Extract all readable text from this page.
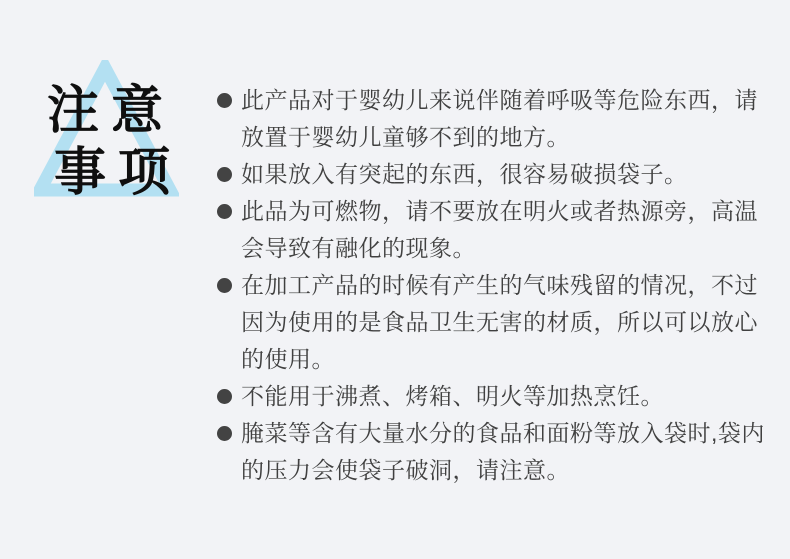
注意
事项
此产品对于婴幼儿来说伴随着呼吸等危险东西，请
放置于婴幼儿童够不到的地方。
如果放入有突起的东西，很容易破损袋子。
此品为可燃物，请不要放在明火或者热源旁，高温
会导致有融化的现象。
在加工产品的时候有产生的气味残留的情况，不过
因为使用的是食品卫生无害的材质，所以可以放心
的使用。
不能用于沸煮、烤箱、明火等加热烹饪。
腌菜等含有大量水分的食品和面粉等放入袋时,袋内
的压力会使袋子破洞，请注意。
